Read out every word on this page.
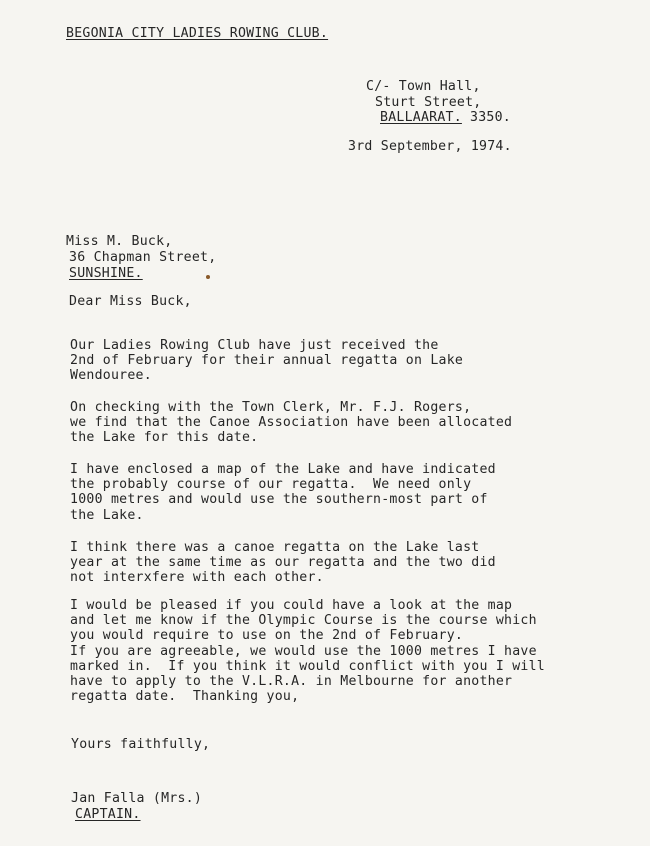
BEGONIA CITY LADIES ROWING CLUB.

C/- Town Hall,

Sturt Street,

BALLAARAT. 3350.

3rd September, 1974.

Miss M. Buck,

36 Chapman Street,

SUNSHINE.

Dear Miss Buck,

Our Ladies Rowing Club have just received the
2nd of February for their annual regatta on Lake
Wendouree.
On checking with the Town Clerk, Mr. F.J. Rogers,
we find that the Canoe Association have been allocated
the Lake for this date.
I have enclosed a map of the Lake and have indicated
the probably course of our regatta.  We need only
1000 metres and would use the southern-most part of
the Lake.
I think there was a canoe regatta on the Lake last
year at the same time as our regatta and the two did
not interxfere with each other.
I would be pleased if you could have a look at the map
and let me know if the Olympic Course is the course which
you would require to use on the 2nd of February.
If you are agreeable, we would use the 1000 metres I have
marked in.  If you think it would conflict with you I will
have to apply to the V.L.R.A. in Melbourne for another
regatta date.  Thanking you,

Yours faithfully,

Jan Falla (Mrs.)

CAPTAIN.
